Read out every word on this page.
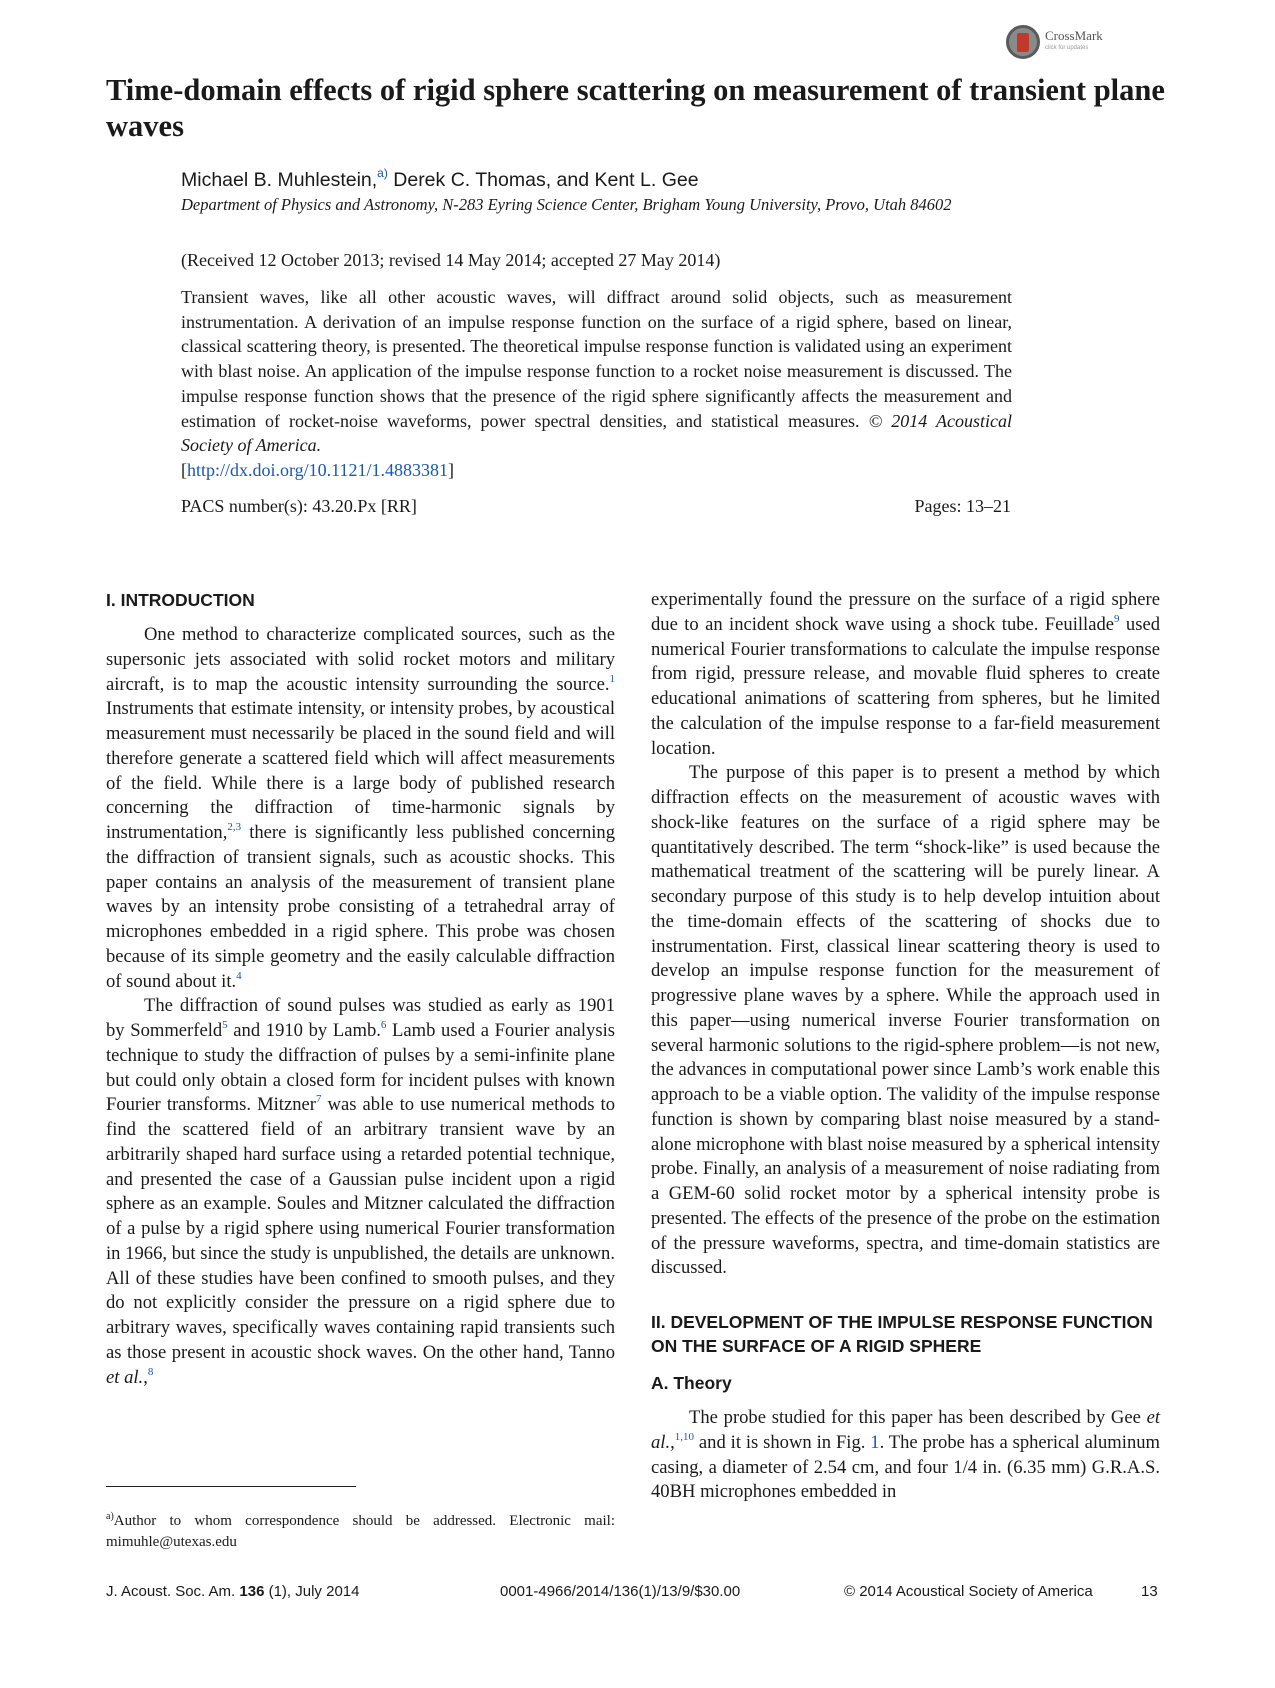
CrossMark
click for updates
Time-domain effects of rigid sphere scattering on measurement of transient plane waves
Michael B. Muhlestein,$^{a)}$ Derek C. Thomas, and Kent L. Gee
Department of Physics and Astronomy, N-283 Eyring Science Center, Brigham Young University, Provo, Utah 84602
(Received 12 October 2013; revised 14 May 2014; accepted 27 May 2014)
Transient waves, like all other acoustic waves, will diffract around solid objects, such as measurement instrumentation. A derivation of an impulse response function on the surface of a rigid sphere, based on linear, classical scattering theory, is presented. The theoretical impulse response function is validated using an experiment with blast noise. An application of the impulse response function to a rocket noise measurement is discussed. The impulse response function shows that the presence of the rigid sphere significantly affects the measurement and estimation of rocket-noise waveforms, power spectral densities, and statistical measures. © 2014 Acoustical Society of America.
[http://dx.doi.org/10.1121/1.4883381]
PACS number(s): 43.20.Px [RR]	Pages: 13–21
I. INTRODUCTION

One method to characterize complicated sources, such as the supersonic jets associated with solid rocket motors and military aircraft, is to map the acoustic intensity surrounding the source.$^1$ Instruments that estimate intensity, or intensity probes, by acoustical measurement must necessarily be placed in the sound field and will therefore generate a scattered field which will affect measurements of the field. While there is a large body of published research concerning the diffraction of time-harmonic signals by instrumentation,$^{2,3}$ there is significantly less published concerning the diffraction of transient signals, such as acoustic shocks. This paper contains an analysis of the measurement of transient plane waves by an intensity probe consisting of a tetrahedral array of microphones embedded in a rigid sphere. This probe was chosen because of its simple geometry and the easily calculable diffraction of sound about it.$^4$

The diffraction of sound pulses was studied as early as 1901 by Sommerfeld$^5$ and 1910 by Lamb.$^6$ Lamb used a Fourier analysis technique to study the diffraction of pulses by a semi-infinite plane but could only obtain a closed form for incident pulses with known Fourier transforms. Mitzner$^7$ was able to use numerical methods to find the scattered field of an arbitrary transient wave by an arbitrarily shaped hard surface using a retarded potential technique, and presented the case of a Gaussian pulse incident upon a rigid sphere as an example. Soules and Mitzner calculated the diffraction of a pulse by a rigid sphere using numerical Fourier transformation in 1966, but since the study is unpublished, the details are unknown. All of these studies have been confined to smooth pulses, and they do not explicitly consider the pressure on a rigid sphere due to arbitrary waves, specifically waves containing rapid transients such as those present in acoustic shock waves. On the other hand, Tanno et al.,$^8$

$^{a)}$Author to whom correspondence should be addressed. Electronic mail: mimuhle@utexas.edu

experimentally found the pressure on the surface of a rigid sphere due to an incident shock wave using a shock tube. Feuillade$^9$ used numerical Fourier transformations to calculate the impulse response from rigid, pressure release, and movable fluid spheres to create educational animations of scattering from spheres, but he limited the calculation of the impulse response to a far-field measurement location.

The purpose of this paper is to present a method by which diffraction effects on the measurement of acoustic waves with shock-like features on the surface of a rigid sphere may be quantitatively described. The term “shock-like” is used because the mathematical treatment of the scattering will be purely linear. A secondary purpose of this study is to help develop intuition about the time-domain effects of the scattering of shocks due to instrumentation. First, classical linear scattering theory is used to develop an impulse response function for the measurement of progressive plane waves by a sphere. While the approach used in this paper—using numerical inverse Fourier transformation on several harmonic solutions to the rigid-sphere problem—is not new, the advances in computational power since Lamb’s work enable this approach to be a viable option. The validity of the impulse response function is shown by comparing blast noise measured by a stand-alone microphone with blast noise measured by a spherical intensity probe. Finally, an analysis of a measurement of noise radiating from a GEM-60 solid rocket motor by a spherical intensity probe is presented. The effects of the presence of the probe on the estimation of the pressure waveforms, spectra, and time-domain statistics are discussed.

II. DEVELOPMENT OF THE IMPULSE RESPONSE FUNCTION ON THE SURFACE OF A RIGID SPHERE
A. Theory

The probe studied for this paper has been described by Gee et al.,$^{1,10}$ and it is shown in Fig. 1. The probe has a spherical aluminum casing, a diameter of 2.54 cm, and four 1/4 in. (6.35 mm) G.R.A.S. 40BH microphones embedded in

J. Acoust. Soc. Am. 136 (1), July 2014	0001-4966/2014/136(1)/13/9/$30.00	© 2014 Acoustical Society of America	13
